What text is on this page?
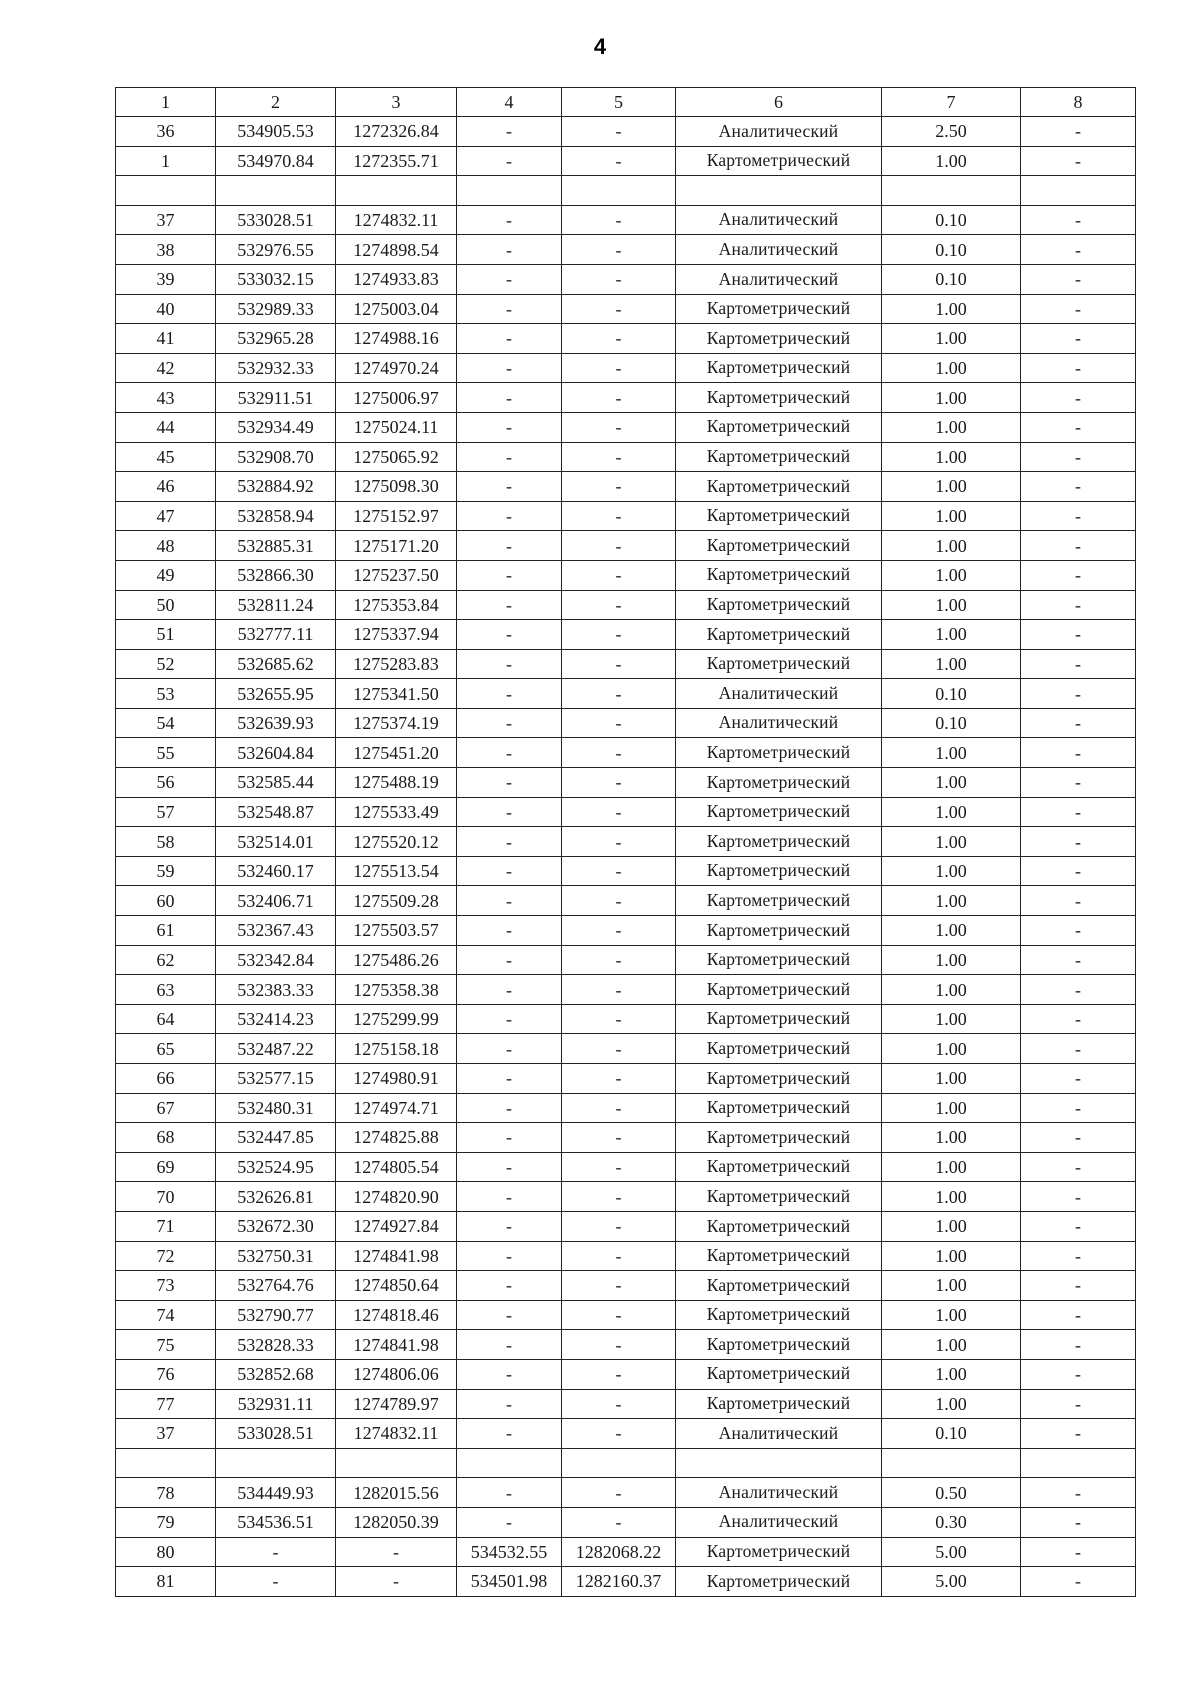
4
1	2	3	4	5	6	7	8
36	534905.53	1272326.84	-	-	Аналитический	2.50	-
1	534970.84	1272355.71	-	-	Картометрический	1.00	-

37	533028.51	1274832.11	-	-	Аналитический	0.10	-
38	532976.55	1274898.54	-	-	Аналитический	0.10	-
39	533032.15	1274933.83	-	-	Аналитический	0.10	-
40	532989.33	1275003.04	-	-	Картометрический	1.00	-
41	532965.28	1274988.16	-	-	Картометрический	1.00	-
42	532932.33	1274970.24	-	-	Картометрический	1.00	-
43	532911.51	1275006.97	-	-	Картометрический	1.00	-
44	532934.49	1275024.11	-	-	Картометрический	1.00	-
45	532908.70	1275065.92	-	-	Картометрический	1.00	-
46	532884.92	1275098.30	-	-	Картометрический	1.00	-
47	532858.94	1275152.97	-	-	Картометрический	1.00	-
48	532885.31	1275171.20	-	-	Картометрический	1.00	-
49	532866.30	1275237.50	-	-	Картометрический	1.00	-
50	532811.24	1275353.84	-	-	Картометрический	1.00	-
51	532777.11	1275337.94	-	-	Картометрический	1.00	-
52	532685.62	1275283.83	-	-	Картометрический	1.00	-
53	532655.95	1275341.50	-	-	Аналитический	0.10	-
54	532639.93	1275374.19	-	-	Аналитический	0.10	-
55	532604.84	1275451.20	-	-	Картометрический	1.00	-
56	532585.44	1275488.19	-	-	Картометрический	1.00	-
57	532548.87	1275533.49	-	-	Картометрический	1.00	-
58	532514.01	1275520.12	-	-	Картометрический	1.00	-
59	532460.17	1275513.54	-	-	Картометрический	1.00	-
60	532406.71	1275509.28	-	-	Картометрический	1.00	-
61	532367.43	1275503.57	-	-	Картометрический	1.00	-
62	532342.84	1275486.26	-	-	Картометрический	1.00	-
63	532383.33	1275358.38	-	-	Картометрический	1.00	-
64	532414.23	1275299.99	-	-	Картометрический	1.00	-
65	532487.22	1275158.18	-	-	Картометрический	1.00	-
66	532577.15	1274980.91	-	-	Картометрический	1.00	-
67	532480.31	1274974.71	-	-	Картометрический	1.00	-
68	532447.85	1274825.88	-	-	Картометрический	1.00	-
69	532524.95	1274805.54	-	-	Картометрический	1.00	-
70	532626.81	1274820.90	-	-	Картометрический	1.00	-
71	532672.30	1274927.84	-	-	Картометрический	1.00	-
72	532750.31	1274841.98	-	-	Картометрический	1.00	-
73	532764.76	1274850.64	-	-	Картометрический	1.00	-
74	532790.77	1274818.46	-	-	Картометрический	1.00	-
75	532828.33	1274841.98	-	-	Картометрический	1.00	-
76	532852.68	1274806.06	-	-	Картометрический	1.00	-
77	532931.11	1274789.97	-	-	Картометрический	1.00	-
37	533028.51	1274832.11	-	-	Аналитический	0.10	-

78	534449.93	1282015.56	-	-	Аналитический	0.50	-
79	534536.51	1282050.39	-	-	Аналитический	0.30	-
80	-	-	534532.55	1282068.22	Картометрический	5.00	-
81	-	-	534501.98	1282160.37	Картометрический	5.00	-
